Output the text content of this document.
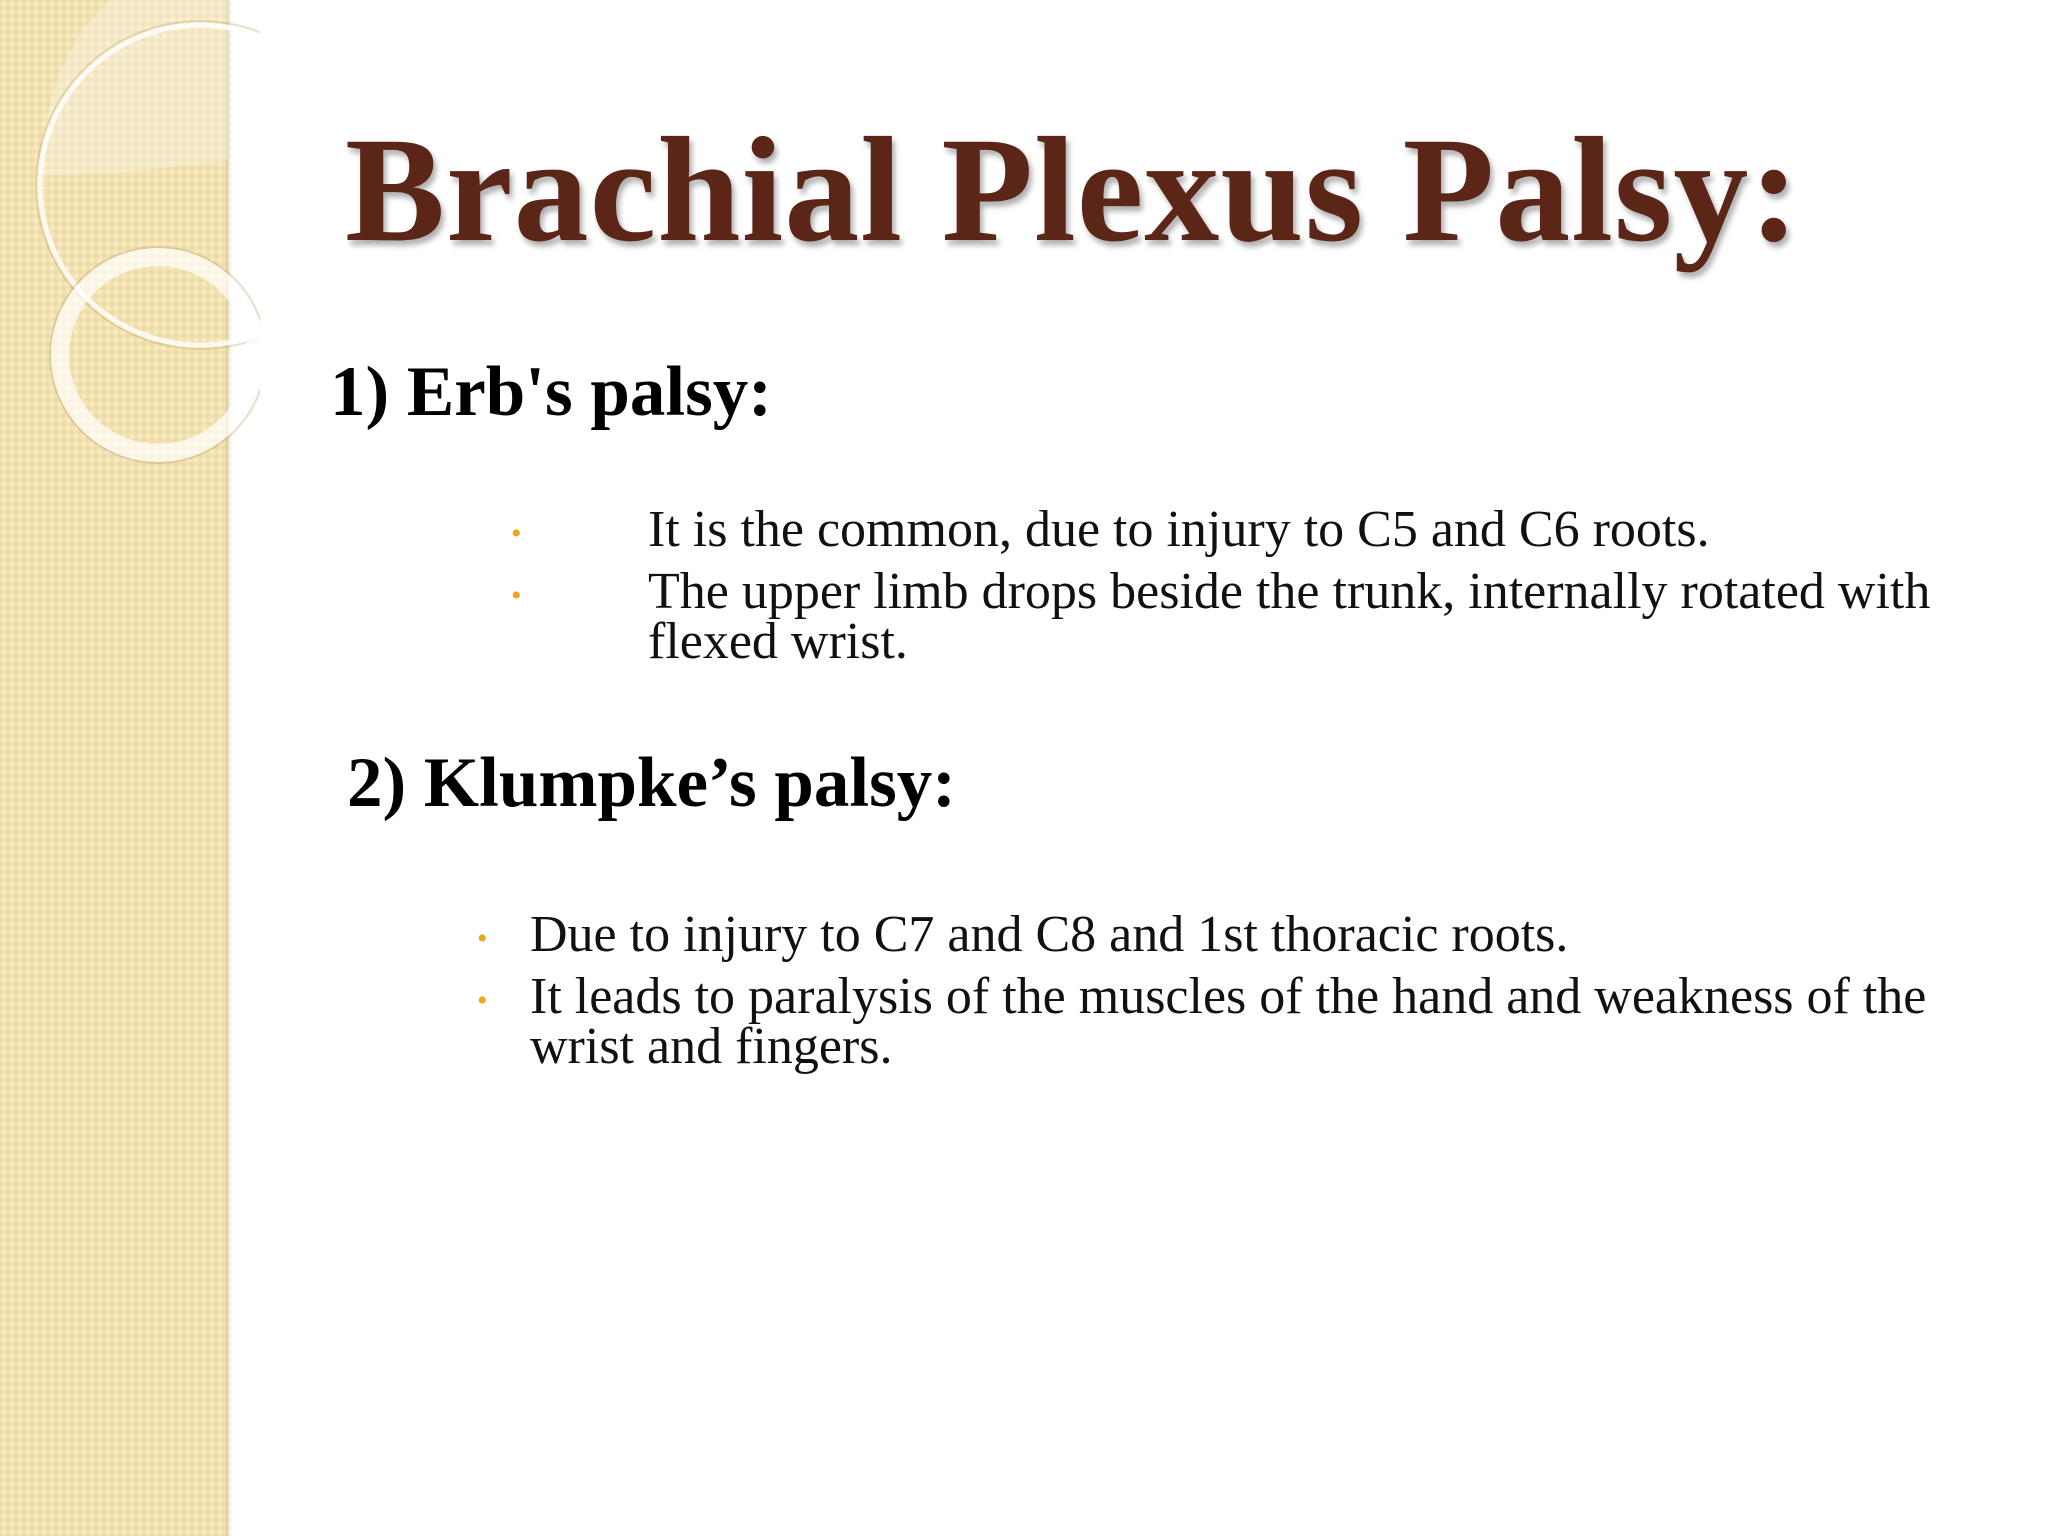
Brachial Plexus Palsy:
1) Erb's palsy:
• It is the common, due to injury to C5 and C6 roots.
• The upper limb drops beside the trunk, internally rotated with flexed wrist.
2) Klumpke’s palsy:
• Due to injury to C7 and C8 and 1st thoracic roots.
• It leads to paralysis of the muscles of the hand and weakness of the wrist and fingers.
